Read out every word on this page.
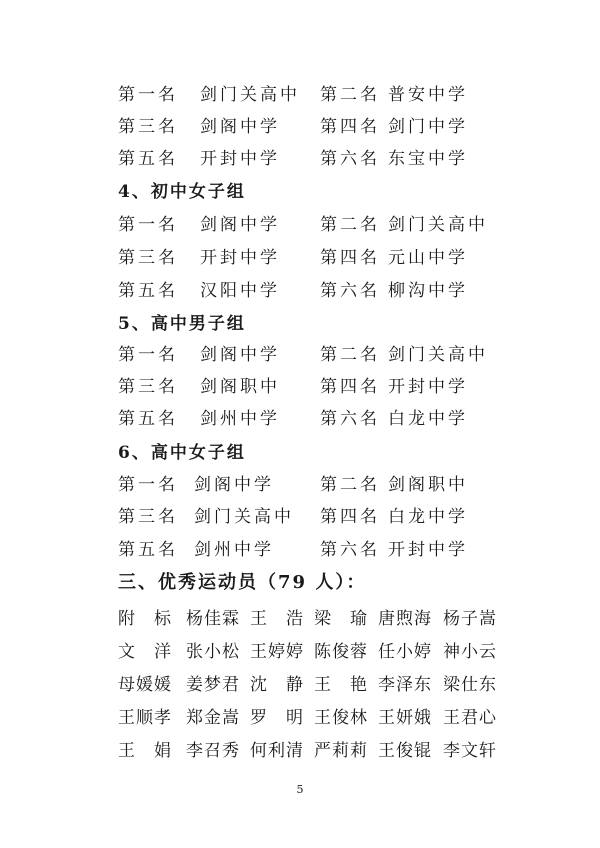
第一名 剑门关高中 第二名 普安中学
第三名 剑阁中学 第四名 剑门中学
第五名 开封中学 第六名 东宝中学
4、初中女子组
第一名 剑阁中学 第二名 剑门关高中
第三名 开封中学 第四名 元山中学
第五名 汉阳中学 第六名 柳沟中学
5、高中男子组
第一名 剑阁中学 第二名 剑门关高中
第三名 剑阁职中 第四名 开封中学
第五名 剑州中学 第六名 白龙中学
6、高中女子组
第一名 剑阁中学	第二名 剑阁职中
第三名 剑门关高中 第四名 白龙中学
第五名 剑州中学	第六名 开封中学
三、优秀运动员（79 人）：
附　标 杨佳霖 王　浩 梁　瑜 唐煦海 杨子嵩
文　洋 张小松 王婷婷 陈俊蓉 任小婷 神小云
母媛媛 姜梦君 沈　静 王　艳 李泽东 梁仕东
王顺孝 郑金嵩 罗　明 王俊林 王妍娥 王君心
王　娟 李召秀 何利清 严莉莉 王俊锟 李文轩
5
